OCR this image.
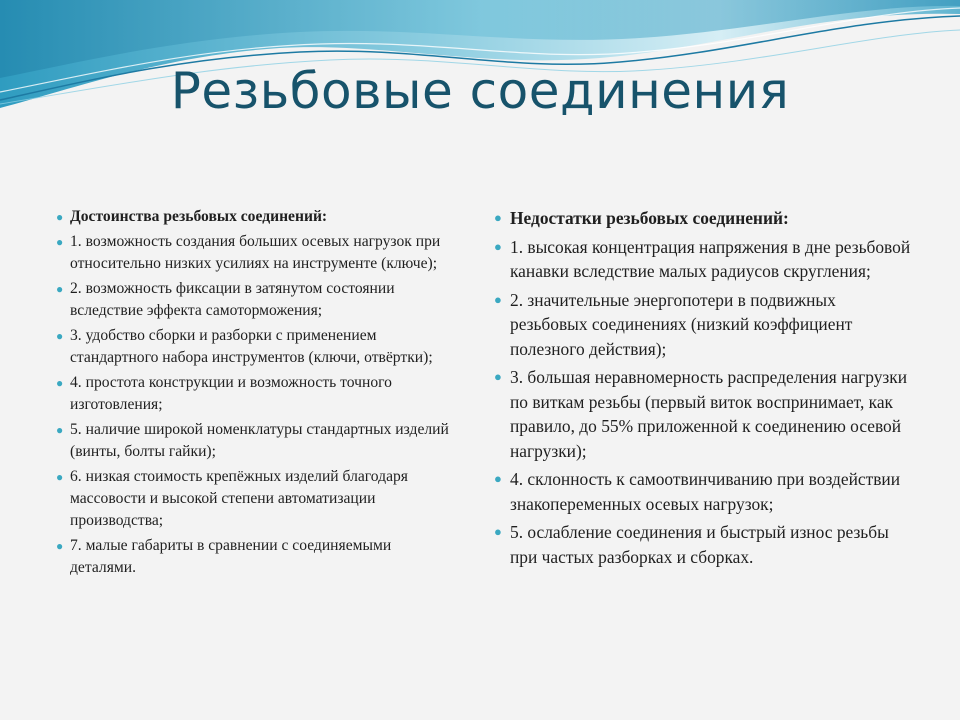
Резьбовые соединения
● Достоинства резьбовых соединений:
● 1. возможность создания больших осевых нагрузок при относительно низких усилиях на инструменте (ключе);
● 2. возможность фиксации в затянутом состоянии вследствие эффекта самоторможения;
● 3. удобство сборки и разборки с применением стандартного набора инструментов (ключи, отвёртки);
● 4. простота конструкции и возможность точного изготовления;
● 5. наличие широкой номенклатуры стандартных изделий (винты, болты гайки);
● 6. низкая стоимость крепёжных изделий благодаря массовости и высокой степени автоматизации производства;
● 7. малые габариты в сравнении с соединяемыми деталями.
● Недостатки резьбовых соединений:
● 1. высокая концентрация напряжения в дне резьбовой канавки вследствие малых радиусов скругления;
● 2. значительные энергопотери в подвижных резьбовых соединениях (низкий коэффициент полезного действия);
● 3. большая неравномерность распределения нагрузки по виткам резьбы (первый виток воспринимает, как правило, до 55% приложенной к соединению осевой нагрузки);
● 4. склонность к самоотвинчиванию при воздействии знакопеременных осевых нагрузок;
● 5. ослабление соединения и быстрый износ резьбы при частых разборках и сборках.
